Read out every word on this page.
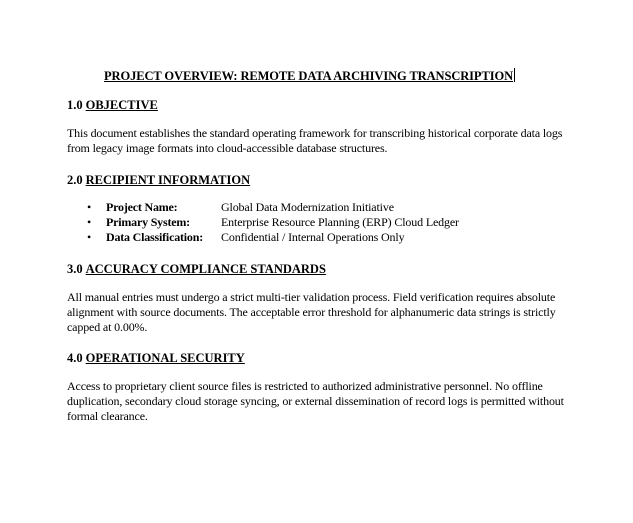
PROJECT OVERVIEW: REMOTE DATA ARCHIVING TRANSCRIPTION

1.0 OBJECTIVE

This document establishes the standard operating framework for transcribing historical corporate data logs from legacy image formats into cloud-accessible database structures.

2.0 RECIPIENT INFORMATION

• Project Name:	Global Data Modernization Initiative
• Primary System:	Enterprise Resource Planning (ERP) Cloud Ledger
• Data Classification: Confidential / Internal Operations Only

3.0 ACCURACY COMPLIANCE STANDARDS

All manual entries must undergo a strict multi-tier validation process. Field verification requires absolute alignment with source documents. The acceptable error threshold for alphanumeric data strings is strictly capped at 0.00%.

4.0 OPERATIONAL SECURITY

Access to proprietary client source files is restricted to authorized administrative personnel. No offline duplication, secondary cloud storage syncing, or external dissemination of record logs is permitted without formal clearance.
